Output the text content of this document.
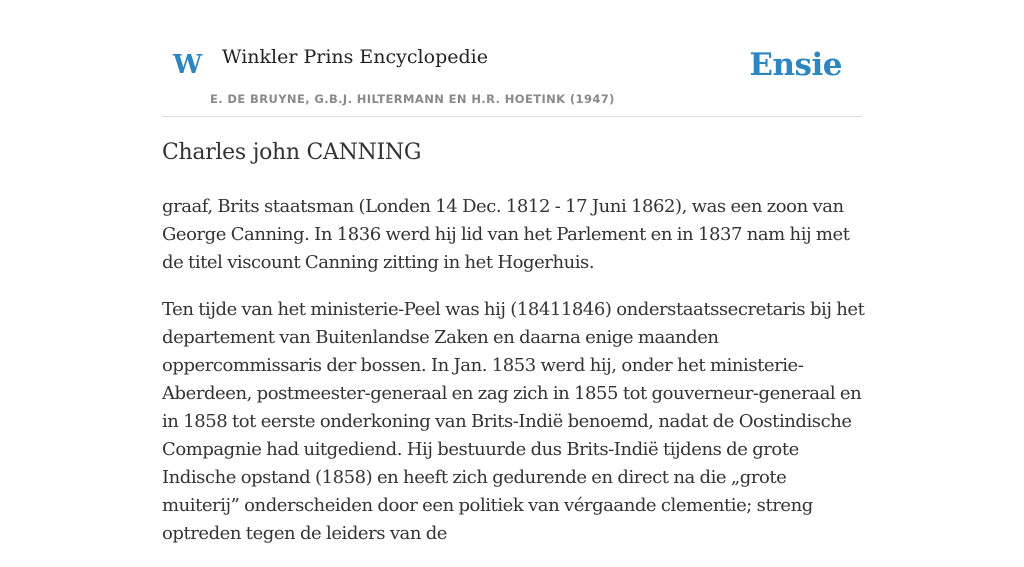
W Winkler Prins Encyclopedie
E. DE BRUYNE, G.B.J. HILTERMANN EN H.R. HOETINK (1947)
Ensie
Charles john CANNING

graaf, Brits staatsman (Londen 14 Dec. 1812 - 17 Juni 1862), was een zoon van George Canning. In 1836 werd hij lid van het Parlement en in 1837 nam hij met de titel viscount Canning zitting in het Hogerhuis.

Ten tijde van het ministerie-Peel was hij (18411846) onderstaatssecretaris bij het departement van Buitenlandse Zaken en daarna enige maanden oppercommissaris der bossen. In Jan. 1853 werd hij, onder het ministerie-Aberdeen, postmeester-generaal en zag zich in 1855 tot gouverneur-generaal en in 1858 tot eerste onderkoning van Brits-Indië benoemd, nadat de Oostindische Compagnie had uitgediend. Hij bestuurde dus Brits-Indië tijdens de grote Indische opstand (1858) en heeft zich gedurende en direct na die „grote muiterij” onderscheiden door een politiek van vérgaande clementie; streng optreden tegen de leiders van de
